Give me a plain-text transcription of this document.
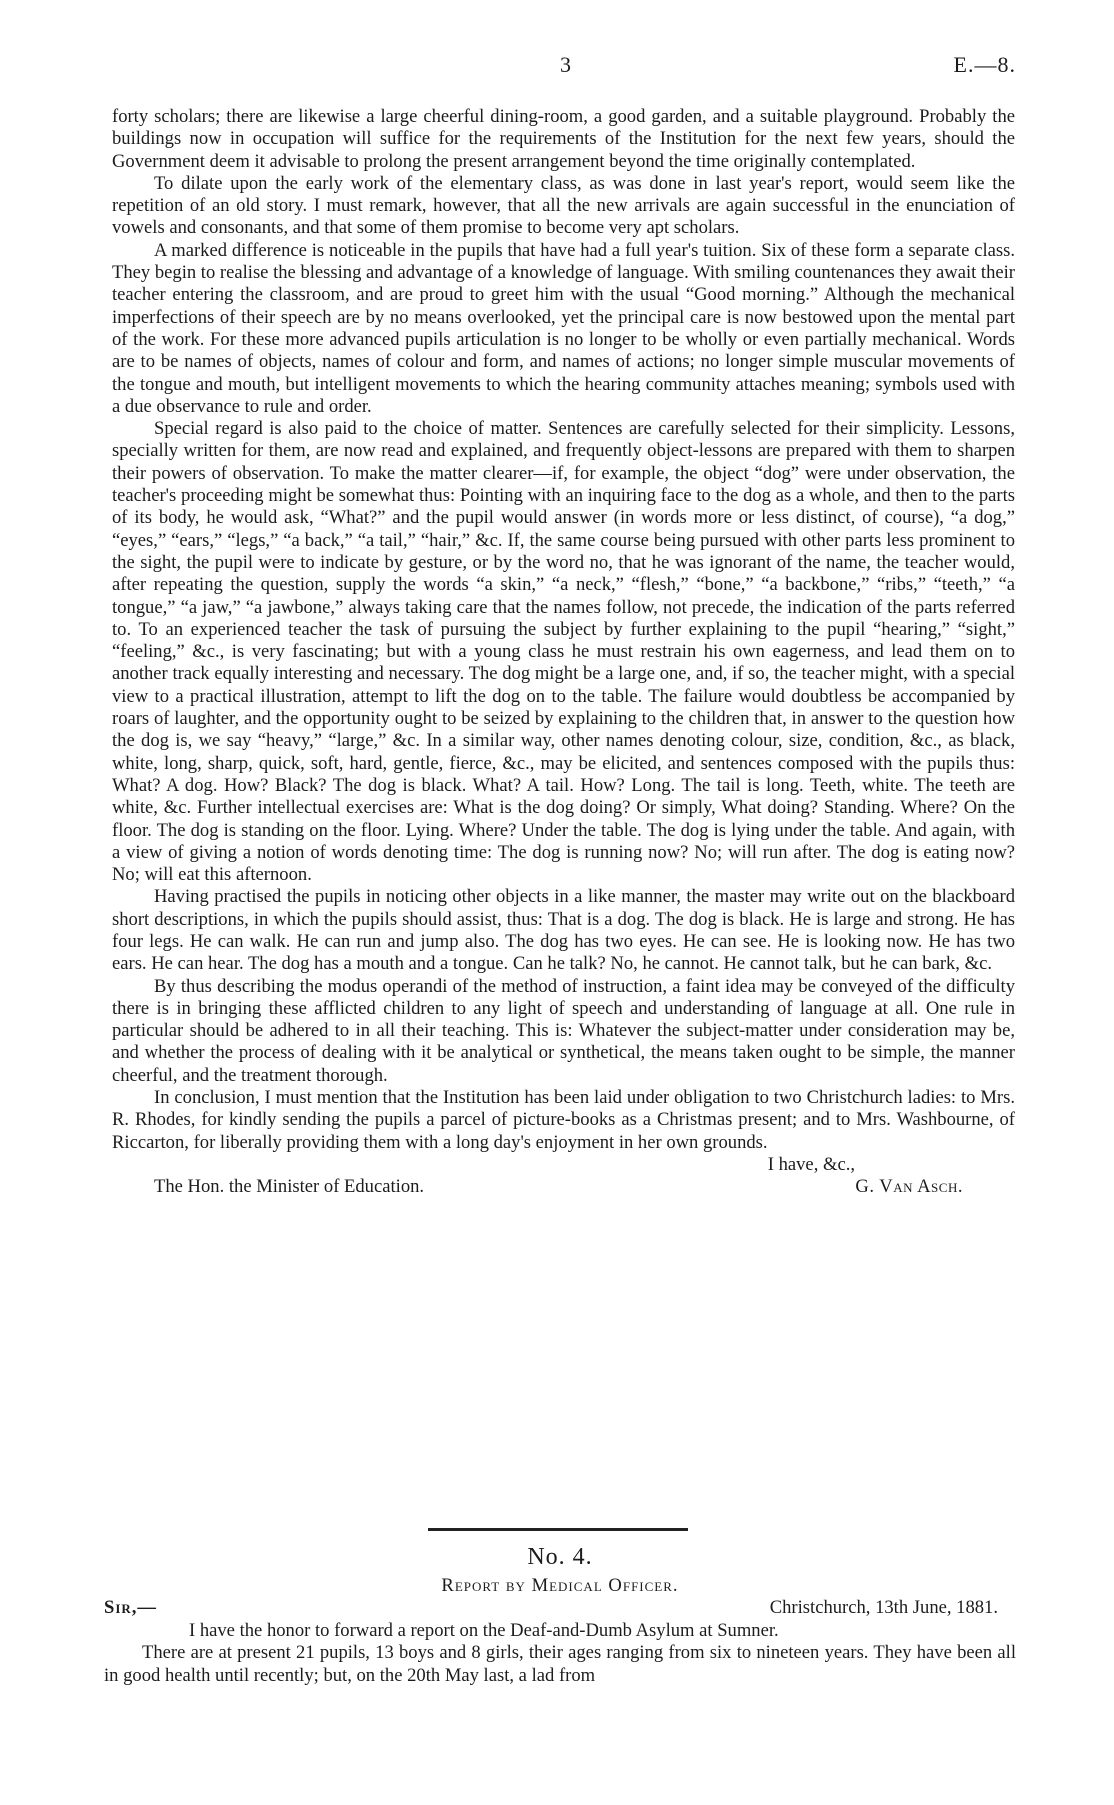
3	E.—8.

forty scholars; there are likewise a large cheerful dining-room, a good garden, and a suitable playground. Probably the buildings now in occupation will suffice for the requirements of the Institution for the next few years, should the Government deem it advisable to prolong the present arrangement beyond the time originally contemplated.

To dilate upon the early work of the elementary class, as was done in last year's report, would seem like the repetition of an old story. I must remark, however, that all the new arrivals are again successful in the enunciation of vowels and consonants, and that some of them promise to become very apt scholars.

A marked difference is noticeable in the pupils that have had a full year's tuition. Six of these form a separate class. They begin to realise the blessing and advantage of a knowledge of language. With smiling countenances they await their teacher entering the classroom, and are proud to greet him with the usual “Good morning.” Although the mechanical imperfections of their speech are by no means overlooked, yet the principal care is now bestowed upon the mental part of the work. For these more advanced pupils articulation is no longer to be wholly or even partially mechanical. Words are to be names of objects, names of colour and form, and names of actions; no longer simple muscular movements of the tongue and mouth, but intelligent movements to which the hearing community attaches meaning; symbols used with a due observance to rule and order.

Special regard is also paid to the choice of matter. Sentences are carefully selected for their simplicity. Lessons, specially written for them, are now read and explained, and frequently object-lessons are prepared with them to sharpen their powers of observation. To make the matter clearer—if, for example, the object “dog” were under observation, the teacher's proceeding might be somewhat thus: Pointing with an inquiring face to the dog as a whole, and then to the parts of its body, he would ask, “What?” and the pupil would answer (in words more or less distinct, of course), “a dog,” “eyes,” “ears,” “legs,” “a back,” “a tail,” “hair,” &c. If, the same course being pursued with other parts less prominent to the sight, the pupil were to indicate by gesture, or by the word no, that he was ignorant of the name, the teacher would, after repeating the question, supply the words “a skin,” “a neck,” “flesh,” “bone,” “a backbone,” “ribs,” “teeth,” “a tongue,” “a jaw,” “a jawbone,” always taking care that the names follow, not precede, the indication of the parts referred to. To an experienced teacher the task of pursuing the subject by further explaining to the pupil “hearing,” “sight,” “feeling,” &c., is very fascinating; but with a young class he must restrain his own eagerness, and lead them on to another track equally interesting and necessary. The dog might be a large one, and, if so, the teacher might, with a special view to a practical illustration, attempt to lift the dog on to the table. The failure would doubtless be accompanied by roars of laughter, and the opportunity ought to be seized by explaining to the children that, in answer to the question how the dog is, we say “heavy,” “large,” &c. In a similar way, other names denoting colour, size, condition, &c., as black, white, long, sharp, quick, soft, hard, gentle, fierce, &c., may be elicited, and sentences composed with the pupils thus: What? A dog. How? Black? The dog is black. What? A tail. How? Long. The tail is long. Teeth, white. The teeth are white, &c. Further intellectual exercises are: What is the dog doing? Or simply, What doing? Standing. Where? On the floor. The dog is standing on the floor. Lying. Where? Under the table. The dog is lying under the table. And again, with a view of giving a notion of words denoting time: The dog is running now? No; will run after. The dog is eating now? No; will eat this afternoon.

Having practised the pupils in noticing other objects in a like manner, the master may write out on the blackboard short descriptions, in which the pupils should assist, thus: That is a dog. The dog is black. He is large and strong. He has four legs. He can walk. He can run and jump also. The dog has two eyes. He can see. He is looking now. He has two ears. He can hear. The dog has a mouth and a tongue. Can he talk? No, he cannot. He cannot talk, but he can bark, &c.

By thus describing the modus operandi of the method of instruction, a faint idea may be conveyed of the difficulty there is in bringing these afflicted children to any light of speech and understanding of language at all. One rule in particular should be adhered to in all their teaching. This is: Whatever the subject-matter under consideration may be, and whether the process of dealing with it be analytical or synthetical, the means taken ought to be simple, the manner cheerful, and the treatment thorough.

In conclusion, I must mention that the Institution has been laid under obligation to two Christchurch ladies: to Mrs. R. Rhodes, for kindly sending the pupils a parcel of picture-books as a Christmas present; and to Mrs. Washbourne, of Riccarton, for liberally providing them with a long day's enjoyment in her own grounds.

I have, &c.,
The Hon. the Minister of Education.	G. Van Asch.
No. 4.
Report by Medical Officer.
Sir,—	Christchurch, 13th June, 1881.

I have the honor to forward a report on the Deaf-and-Dumb Asylum at Sumner.

There are at present 21 pupils, 13 boys and 8 girls, their ages ranging from six to nineteen years. They have been all in good health until recently; but, on the 20th May last, a lad from
